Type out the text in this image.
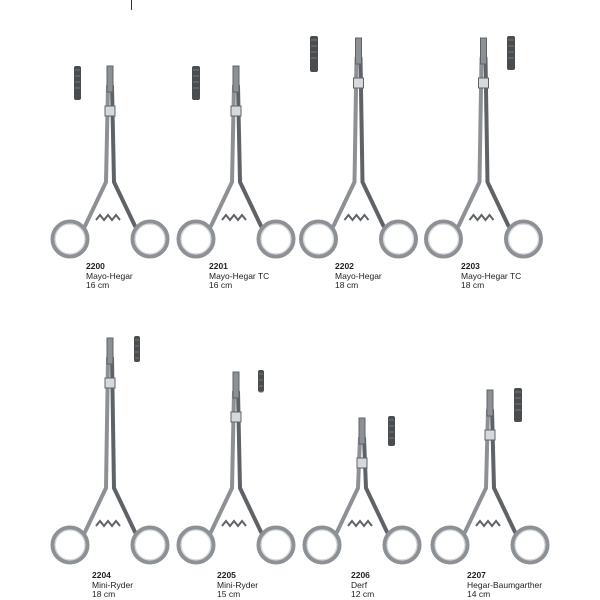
2200
Mayo-Hegar
16 cm
2201
Mayo-Hegar TC
16 cm
2202
Mayo-Hegar
18 cm
2203
Mayo-Hegar TC
18 cm
2204
Mini-Ryder
18 cm
2205
Mini-Ryder
15 cm
2206
Derf
12 cm
2207
Hegar-Baumgarther
14 cm
